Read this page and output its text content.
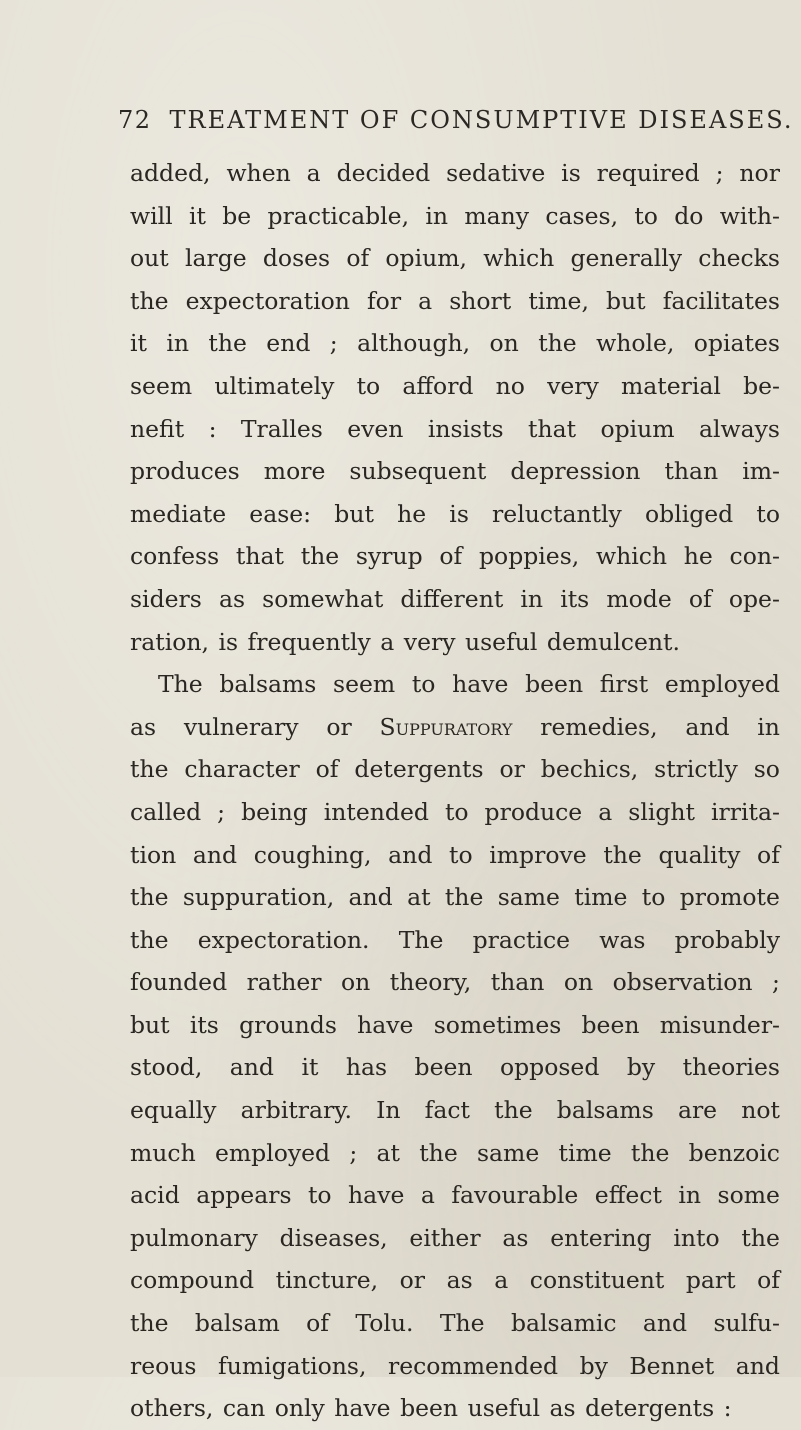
72 TREATMENT OF CONSUMPTIVE DISEASES.
added, when a decided sedative is required ; nor
will it be practicable, in many cases, to do with-
out large doses of opium, which generally checks
the expectoration for a short time, but facilitates
it in the end ; although, on the whole, opiates
seem ultimately to afford no very material be-
nefit : Tralles even insists that opium always
produces more subsequent depression than im-
mediate ease: but he is reluctantly obliged to
confess that the syrup of poppies, which he con-
siders as somewhat different in its mode of ope-
ration,
is
frequently
a
very
useful
demulcent.
The balsams seem to have been first employed
as vulnerary or Suppuratory remedies, and in
the character of detergents or bechics, strictly so
called ; being intended to produce a slight irrita-
tion and coughing, and to improve the quality of
the suppuration, and at the same time to promote
the expectoration. The practice was probably
founded rather on theory, than on observation ;
but its grounds have sometimes been misunder-
stood, and it has been opposed by theories
equally arbitrary. In fact the balsams are not
much employed ; at the same time the benzoic
acid appears to have a favourable effect in some
pulmonary diseases, either as entering into the
compound tincture, or as a constituent part of
the balsam of Tolu. The balsamic and sulfu-
reous fumigations, recommended by Bennet and
others,
can
only
have
been
useful
as
detergents
:
